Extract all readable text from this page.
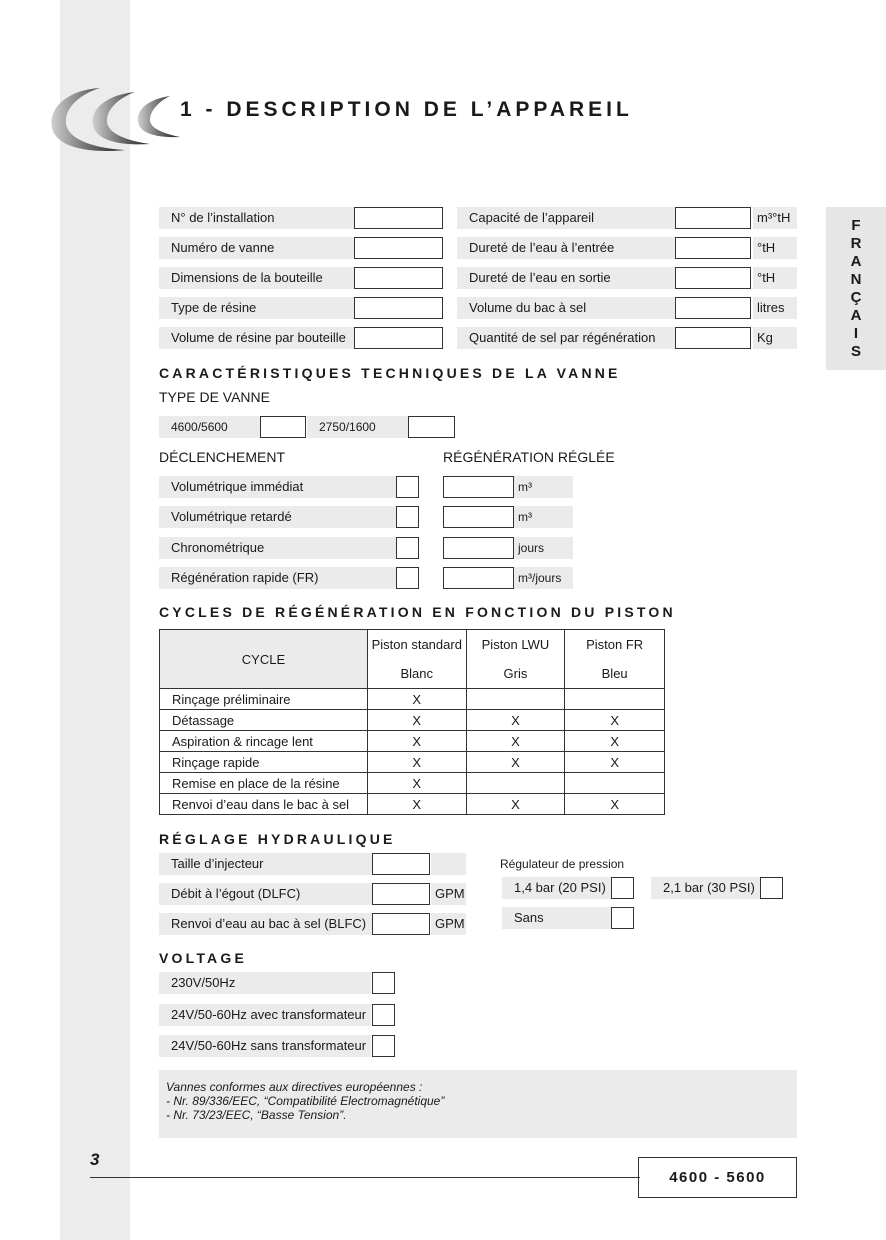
1 - DESCRIPTION DE L’APPAREIL
F
R
A
N
Ç
A
I
S
N° de l’installation
Numéro de vanne
Dimensions de la bouteille
Type de résine
Volume de résine par bouteille
Capacité de l’appareil	m³°tH
Dureté de l’eau à l’entrée	°tH
Dureté de l’eau en sortie	°tH
Volume du bac à sel	litres
Quantité de sel par régénération	Kg
CARACTÉRISTIQUES TECHNIQUES DE LA VANNE
TYPE DE VANNE
4600/5600	2750/1600
DÉCLENCHEMENT	RÉGÉNÉRATION RÉGLÉE
Volumétrique immédiat	m³
Volumétrique retardé	m³
Chronométrique	jours
Régénération rapide (FR)	m³/jours
CYCLES DE RÉGÉNÉRATION EN FONCTION DU PISTON
CYCLE	Piston standard	Piston LWU	Piston FR
	Blanc	Gris	Bleu
Rinçage préliminaire	X		
Détassage	X	X	X
Aspiration & rincage lent	X	X	X
Rinçage rapide	X	X	X
Remise en place de la résine	X		
Renvoi d’eau dans le bac à sel	X	X	X
RÉGLAGE HYDRAULIQUE
Taille d’injecteur
Débit à l’égout (DLFC)	GPM
Renvoi d’eau au bac à sel (BLFC)	GPM
Régulateur de pression
1,4 bar (20 PSI)	2,1 bar (30 PSI)
Sans
VOLTAGE
230V/50Hz
24V/50-60Hz avec transformateur
24V/50-60Hz sans transformateur
Vannes conformes aux directives européennes :
- Nr. 89/336/EEC, “Compatibilité Electromagnétique”
- Nr. 73/23/EEC, “Basse Tension”.
3
4600 - 5600
